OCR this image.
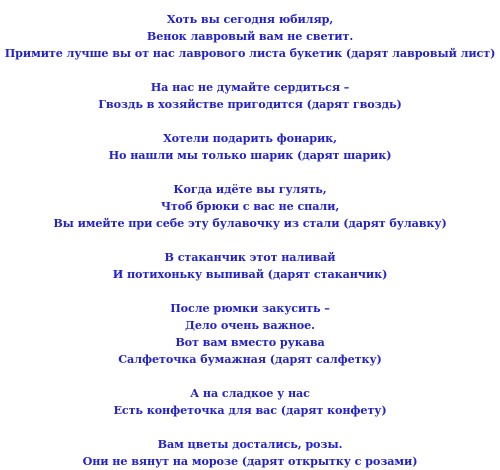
Хоть вы сегодня юбиляр,
Венок лавровый вам не светит.
Примите лучше вы от нас лаврового листа букетик (дарят лавровый лист)
На нас не думайте сердиться –
Гвоздь в хозяйстве пригодится (дарят гвоздь)
Хотели подарить фонарик,
Но нашли мы только шарик (дарят шарик)
Когда идёте вы гулять,
Чтоб брюки с вас не спали,
Вы имейте при себе эту булавочку из стали (дарят булавку)
В стаканчик этот наливай
И потихоньку выпивай (дарят стаканчик)
После рюмки закусить –
Дело очень важное.
Вот вам вместо рукава
Салфеточка бумажная (дарят салфетку)
А на сладкое у нас
Есть конфеточка для вас (дарят конфету)
Вам цветы достались, розы.
Они не вянут на морозе (дарят открытку с розами)
